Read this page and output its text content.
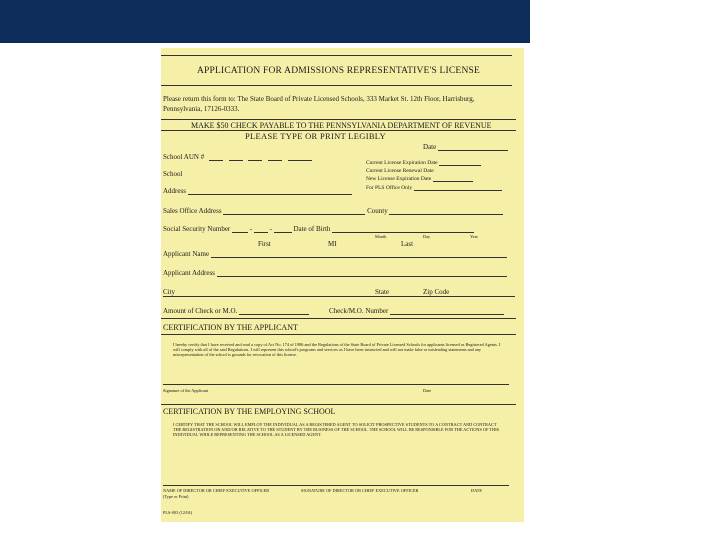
APPLICATION FOR ADMISSIONS REPRESENTATIVE'S LICENSE
Please return this form to: The State Board of Private Licensed Schools, 333 Market St. 12th Floor, Harrisburg, Pennsylvania, 17126-0333.
MAKE $50 CHECK PAYABLE TO THE PENNSYLVANIA DEPARTMENT OF REVENUE
PLEASE TYPE OR PRINT LEGIBLY
Date
School AUN #
Current License Expiration Date
Current License Renewal Date
New License Expiration Date
For PLS Office Only
School
Address
Sales Office Address	County
Social Security Number	-  -	Date of Birth
Month	Day	Year
First	MI	Last
Applicant Name
Applicant Address
City	State	Zip Code
Amount of Check or M.O.	Check/M.O. Number
CERTIFICATION BY THE APPLICANT
I hereby certify that I have received and read a copy of Act No. 174 of 1986 and the Regulations of the State Board of Private Licensed Schools for applicants licensed as Registered Agents. I will comply with all of the said Regulations. I will represent this school's programs and services as I have been instructed and will not make false or misleading statements and any misrepresentation of the school is grounds for revocation of this license.
Signature of the Applicant	Date
CERTIFICATION BY THE EMPLOYING SCHOOL
I CERTIFY THAT THE SCHOOL WILL EMPLOY THE INDIVIDUAL AS A REGISTERED AGENT TO SOLICIT PROSPECTIVE STUDENTS TO A CONTRACT AND CONTRACT THE REGISTRATION OR AND/OR RELATIVE TO THE STUDENT BY THE BUSINESS OF THE SCHOOL. THE SCHOOL WILL BE RESPONSIBLE FOR THE ACTIONS OF THIS INDIVIDUAL WHILE REPRESENTING THE SCHOOL AS A LICENSED AGENT.
NAME OF DIRECTOR OR CHIEF EXECUTIVE OFFICER	SIGNATURE OF DIRECTOR OR CHIEF EXECUTIVE OFFICER	DATE
(Type or Print)
PLS-003 (12/04)
